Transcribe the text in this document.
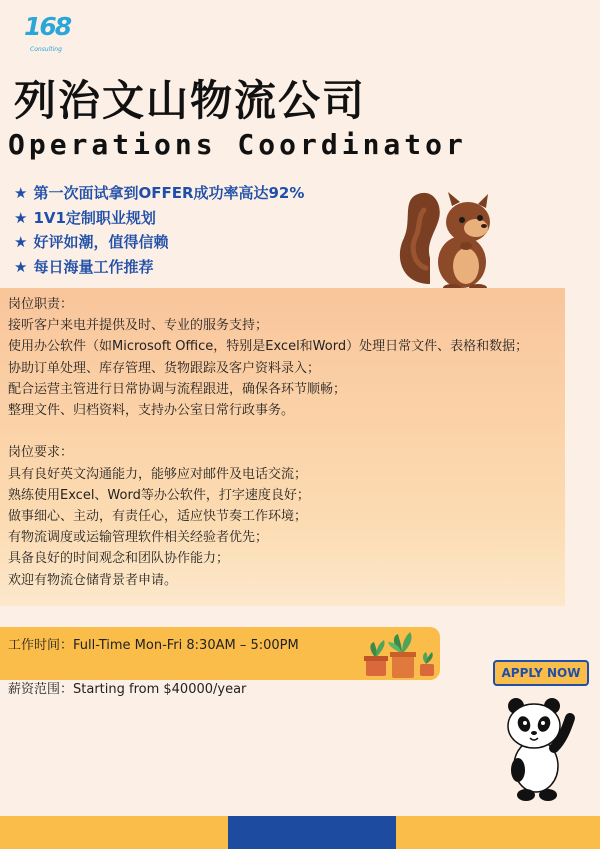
168
Consulting
列治文山物流公司
Operations Coordinator
★ 第一次面试拿到OFFER成功率高达92%
★ 1V1定制职业规划
★ 好评如潮，值得信赖
★ 每日海量工作推荐

岗位职责：

接听客户来电并提供及时、专业的服务支持；

使用办公软件（如Microsoft Office，特别是Excel和Word）处理日常文件、表格和数据；

协助订单处理、库存管理、货物跟踪及客户资料录入；

配合运营主管进行日常协调与流程跟进，确保各环节顺畅；

整理文件、归档资料，支持办公室日常行政事务。

岗位要求：

具有良好英文沟通能力，能够应对邮件及电话交流；

熟练使用Excel、Word等办公软件，打字速度良好；

做事细心、主动，有责任心，适应快节奏工作环境；

有物流调度或运输管理软件相关经验者优先；

具备良好的时间观念和团队协作能力；

欢迎有物流仓储背景者申请。

工作时间：Full-Time Mon-Fri 8:30AM – 5:00PM
薪资范围：Starting from $40000/year
APPLY NOW
